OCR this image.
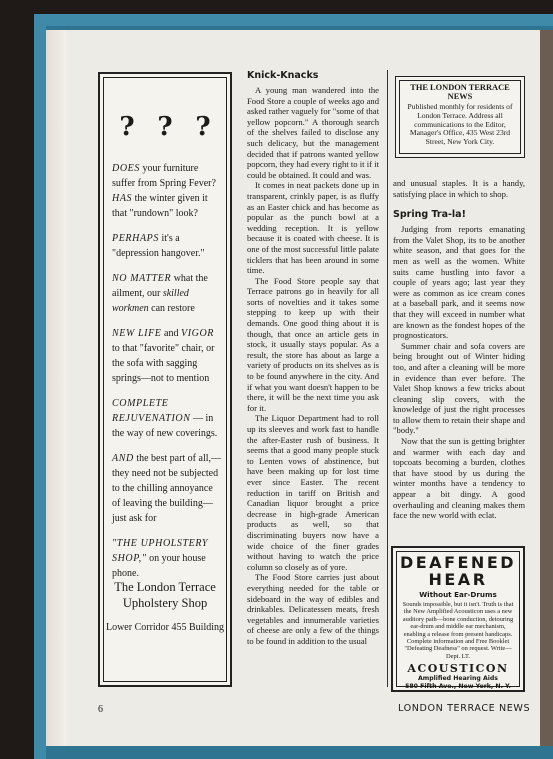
? ? ?

DOES your furniture suffer from Spring Fever? HAS the winter given it that "rundown" look?

PERHAPS it's a "depression hangover."

NO MATTER what the ailment, our skilled workmen can restore

NEW LIFE and VIGOR to that "favorite" chair, or the sofa with sagging springs—not to mention

COMPLETE REJUVENATION — in the way of new coverings.

AND the best part of all,—they need not be subjected to the chilling annoyance of leaving the building—just ask for

"THE UPHOLSTERY SHOP," on your house phone.

The London Terrace Upholstery Shop
Lower Corridor 455 Building
Knick-Knacks

A young man wandered into the Food Store a couple of weeks ago and asked rather vaguely for "some of that yellow popcorn." A thorough search of the shelves failed to disclose any such delicacy, but the management decided that if patrons wanted yellow popcorn, they had every right to it if it could be obtained. It could and was.

It comes in neat packets done up in transparent, crinkly paper, is as fluffy as an Easter chick and has become as popular as the punch bowl at a wedding reception. It is yellow because it is coated with cheese. It is one of the most successful little palate ticklers that has been around in some time.

The Food Store people say that Terrace patrons go in heavily for all sorts of novelties and it takes some stepping to keep up with their demands. One good thing about it is though, that once an article gets in stock, it usually stays popular. As a result, the store has about as large a variety of products on its shelves as is to be found anywhere in the city. And if what you want doesn't happen to be there, it will be the next time you ask for it.

The Liquor Department had to roll up its sleeves and work fast to handle the after-Easter rush of business. It seems that a good many people stuck to Lenten vows of abstinence, but have been making up for lost time ever since Easter. The recent reduction in tariff on British and Canadian liquor brought a price decrease in high-grade American products as well, so that discriminating buyers now have a wide choice of the finer grades without having to watch the price column so closely as of yore.

The Food Store carries just about everything needed for the table or sideboard in the way of edibles and drinkables. Delicatessen meats, fresh vegetables and innumerable varieties of cheese are only a few of the things to be found in addition to the usual

THE LONDON TERRACE NEWS
Published monthly for residents of London Terrace. Address all communications to the Editor, Manager's Office, 435 West 23rd Street, New York City.

and unusual staples. It is a handy, satisfying place in which to shop.

Spring Tra-la!

Judging from reports emanating from the Valet Shop, its to be another white season, and that goes for the men as well as the women. White suits came hustling into favor a couple of years ago; last year they were as common as ice cream cones at a baseball park, and it seems now that they will exceed in number what are known as the fondest hopes of the prognosticators.

Summer chair and sofa covers are being brought out of Winter hiding too, and after a cleaning will be more in evidence than ever before. The Valet Shop knows a few tricks about cleaning slip covers, with the knowledge of just the right processes to allow them to retain their shape and "body."

Now that the sun is getting brighter and warmer with each day and topcoats becoming a burden, clothes that have stood by us during the winter months have a tendency to appear a bit dingy. A good overhauling and cleaning makes them face the new world with eclat.

DEAFENED
HEAR
Without Ear-Drums
Sounds impossible, but it isn't. Truth is that the New Amplified Acousticon uses a new auditory path—bone conduction, detouring ear-drum and middle ear mechanism, enabling a release from present handicaps. Complete information and Free Booklet "Defeating Deafness" on request. Write—Dept. LT.
ACOUSTICON
Amplified Hearing Aids
580 Fifth Ave., New York, N. Y.
6	LONDON TERRACE NEWS
